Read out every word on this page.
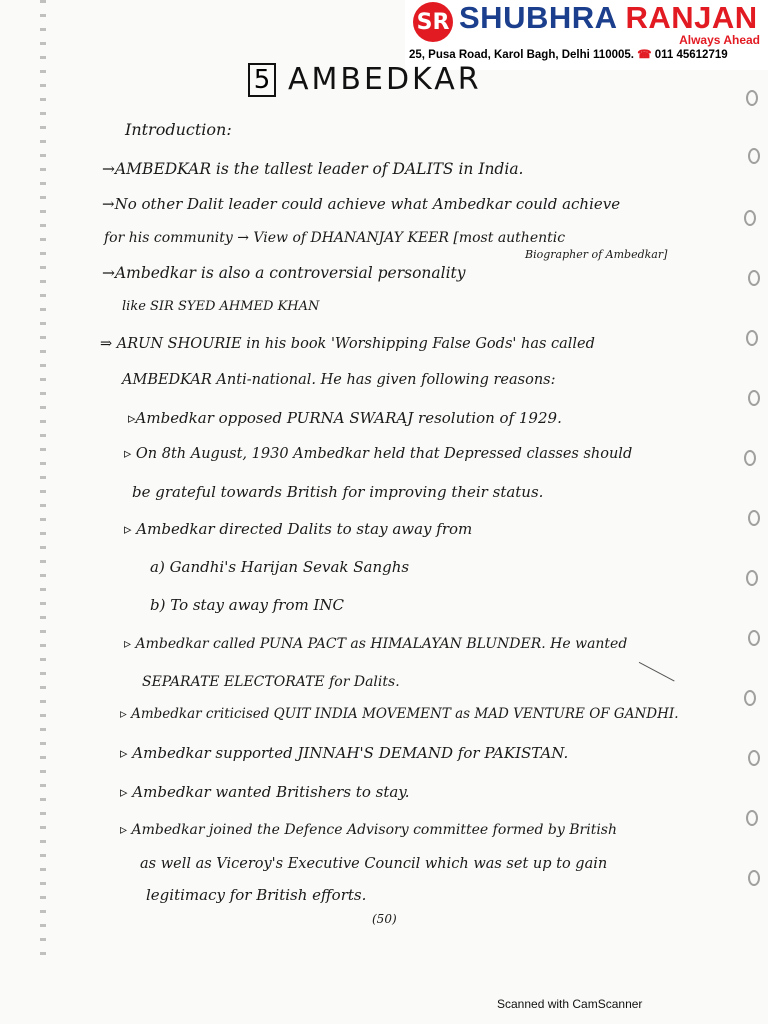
SR SHUBHRA RANJAN
Always Ahead
25, Pusa Road, Karol Bagh, Delhi 110005. ☎ 011 45612719
5 AMBEDKAR
Introduction:
→AMBEDKAR is the tallest leader of DALITS in India.
→No other Dalit leader could achieve what Ambedkar could achieve
for his community → View of DHANANJAY KEER [most authentic
Biographer of Ambedkar]
→Ambedkar is also a controversial personality
like SIR SYED AHMED KHAN
⇒ ARUN SHOURIE in his book 'Worshipping False Gods' has called
AMBEDKAR Anti-national. He has given following reasons:
▹Ambedkar opposed PURNA SWARAJ resolution of 1929.
▹ On 8th August, 1930 Ambedkar held that Depressed classes should
be grateful towards British for improving their status.
▹ Ambedkar directed Dalits to stay away from
a) Gandhi's Harijan Sevak Sanghs
b) To stay away from INC
▹ Ambedkar called PUNA PACT as HIMALAYAN BLUNDER. He wanted
SEPARATE ELECTORATE for Dalits.
▹ Ambedkar criticised QUIT INDIA MOVEMENT as MAD VENTURE OF GANDHI.
▹ Ambedkar supported JINNAH'S DEMAND for PAKISTAN.
▹ Ambedkar wanted Britishers to stay.
▹ Ambedkar joined the Defence Advisory committee formed by British
as well as Viceroy's Executive Council which was set up to gain
legitimacy for British efforts.
(50)
Scanned with CamScanner
